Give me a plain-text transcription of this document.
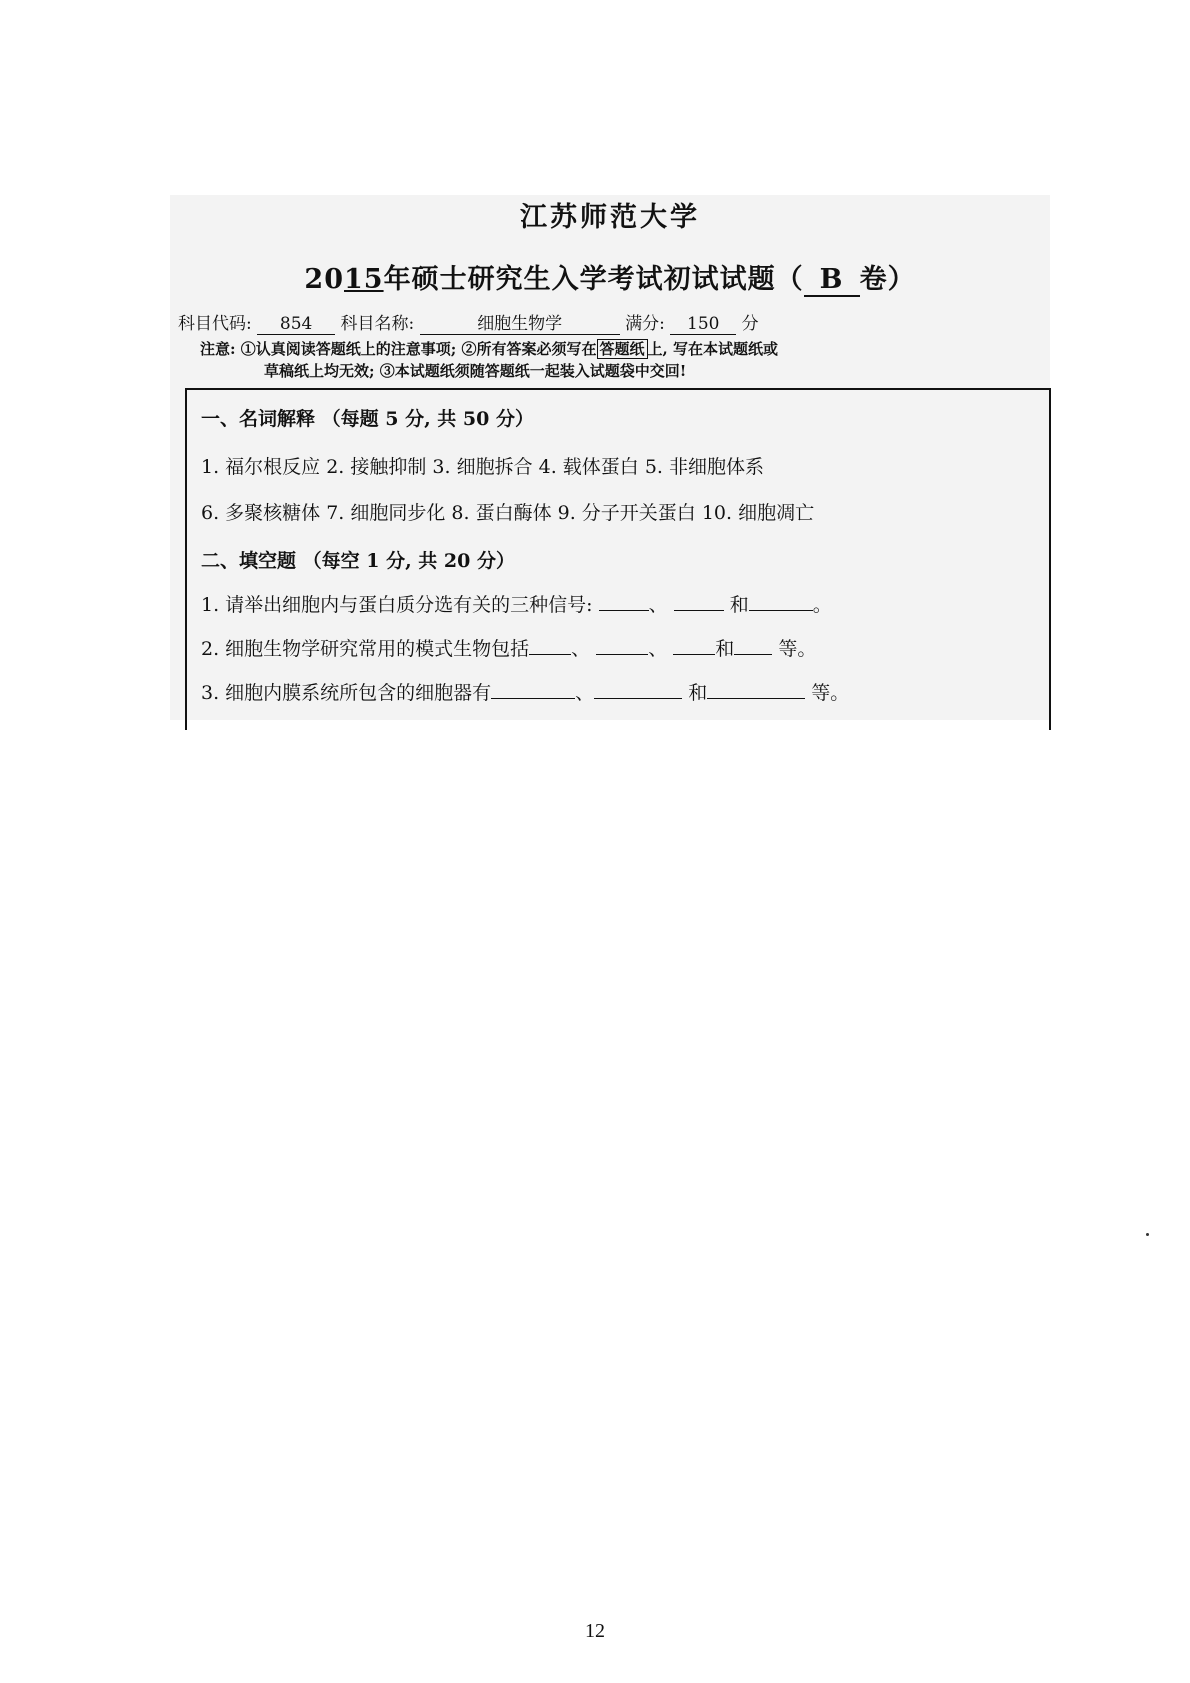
江苏师范大学
2015年硕士研究生入学考试初试试题（ B 卷）
科目代码: 854 科目名称:	细胞生物学	满分: 150 分
注意: ①认真阅读答题纸上的注意事项; ②所有答案必须写在 答题纸 上, 写在本试题纸或
草稿纸上均无效; ③本试题纸须随答题纸一起装入试题袋中交回!
一、名词解释 （每题 5 分, 共 50 分）
1. 福尔根反应 2. 接触抑制 3. 细胞拆合 4. 载体蛋白 5. 非细胞体系
6. 多聚核糖体 7. 细胞同步化 8. 蛋白酶体 9. 分子开关蛋白 10. 细胞凋亡
二、填空题 （每空 1 分, 共 20 分）
1. 请举出细胞内与蛋白质分选有关的三种信号:	、	和	。
2. 细胞生物学研究常用的模式生物包括 、	、	和 等。
3. 细胞内膜系统所包含的细胞器有	、	和	等。
12
